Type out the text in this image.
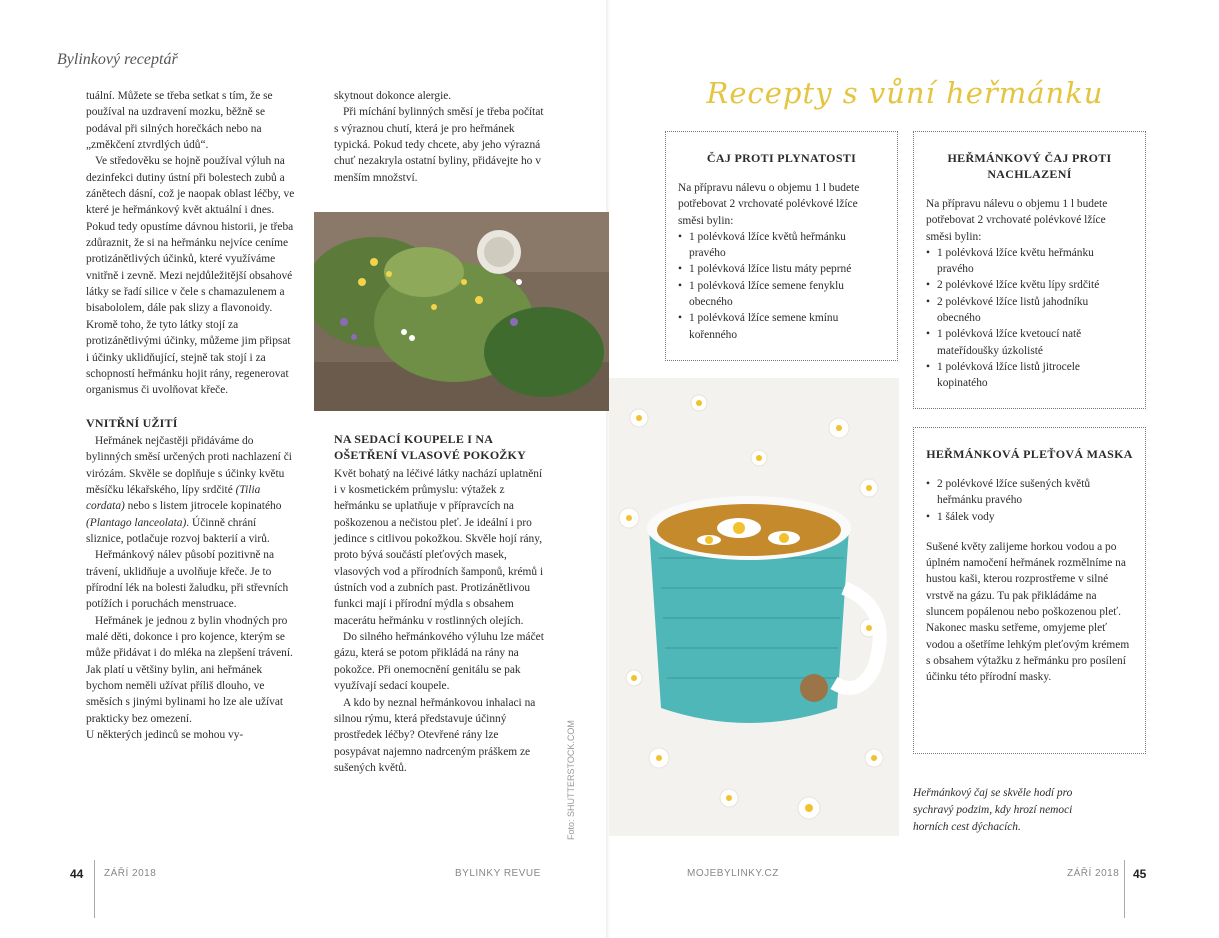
Bylinkový receptář

tuální. Můžete se třeba setkat s tím, že se používal na uzdravení mozku, běžně se podával při silných horečkách nebo na „změkčení ztvrdlých údů“.

Ve středověku se hojně používal výluh na dezinfekci dutiny ústní při bolestech zubů a zánětech dásní, což je naopak oblast léčby, ve které je heřmánkový květ aktuální i dnes. Pokud tedy opustíme dávnou historii, je třeba zdůraznit, že si na heřmánku nejvíce ceníme protizánětlivých účinků, které využíváme vnitřně i zevně. Mezi nejdůležitější obsahové látky se řadí silice v čele s chamazulenem a bisabololem, dále pak slizy a flavonoidy. Kromě toho, že tyto látky stojí za protizánětlivými účinky, můžeme jim připsat i účinky uklidňující, stejně tak stojí i za schopností heřmánku hojit rány, regenerovat organismus či uvolňovat křeče.

VNITŘNÍ UŽITÍ

Heřmánek nejčastěji přidáváme do bylinných směsí určených proti nachlazení či virózám. Skvěle se doplňuje s účinky květu měsíčku lékařského, lípy srdčité (Tilia cordata) nebo s listem jitrocele kopinatého (Plantago lanceolata). Účinně chrání sliznice, potlačuje rozvoj bakterií a virů.

Heřmánkový nálev působí pozitivně na trávení, uklidňuje a uvolňuje křeče. Je to přírodní lék na bolesti žaludku, při střevních potížích i poruchách menstruace.

Heřmánek je jednou z bylin vhodných pro malé děti, dokonce i pro kojence, kterým se může přidávat i do mléka na zlepšení trávení. Jak platí u většiny bylin, ani heřmánek bychom neměli užívat příliš dlouho, ve směsích s jinými bylinami ho lze ale užívat prakticky bez omezení.

U některých jedinců se mohou vy-

skytnout dokonce alergie.

Při míchání bylinných směsí je třeba počítat s výraznou chutí, která je pro heřmánek typická. Pokud tedy chcete, aby jeho výrazná chuť nezakryla ostatní byliny, přidávejte ho v menším množství.

NA SEDACÍ KOUPELE I NA OŠETŘENÍ VLASOVÉ POKOŽKY

Květ bohatý na léčivé látky nachází uplatnění i v kosmetickém průmyslu: výtažek z heřmánku se uplatňuje v přípravcích na poškozenou a nečistou pleť. Je ideální i pro jedince s citlivou pokožkou. Skvěle hojí rány, proto bývá součástí pleťových masek, vlasových vod a přírodních šamponů, krémů i ústních vod a zubních past. Protizánětlivou funkci mají i přírodní mýdla s obsahem macerátu heřmánku v rostlinných olejích.

Do silného heřmánkového výluhu lze máčet gázu, která se potom přikládá na rány na pokožce. Při onemocnění genitálu se pak využívají sedací koupele.

A kdo by neznal heřmánkovou inhalaci na silnou rýmu, která představuje účinný prostředek léčby? Otevřené rány lze posypávat najemno nadrceným práškem ze sušených květů.	Foto: SHUTTERSTOCK.COM
Recepty s vůní heřmánku
ČAJ PROTI PLYNATOSTI

Na přípravu nálevu o objemu 1 l budete potřebovat 2 vrchovaté polévkové lžíce směsi bylin:

• 1 polévková lžíce květů heřmánku pravého
• 1 polévková lžíce listu máty peprné
• 1 polévková lžíce semene fenyklu obecného
• 1 polévková lžíce semene kmínu kořenného
HEŘMÁNKOVÝ ČAJ PROTI NACHLAZENÍ

Na přípravu nálevu o objemu 1 l budete potřebovat 2 vrchovaté polévkové lžíce směsi bylin:

• 1 polévková lžíce květu heřmánku pravého
• 2 polévkové lžíce květu lípy srdčité
• 2 polévkové lžíce listů jahodníku obecného
• 1 polévková lžíce kvetoucí natě mateřídoušky úzkolisté
• 1 polévková lžíce listů jitrocele kopinatého
HEŘMÁNKOVÁ PLEŤOVÁ MASKA
• 2 polévkové lžíce sušených květů heřmánku pravého
• 1 šálek vody

Sušené květy zalijeme horkou vodou a po úplném namočení heřmánek rozmělníme na hustou kaši, kterou rozprostřeme v silné vrstvě na gázu. Tu pak přikládáme na sluncem popálenou nebo poškozenou pleť. Nakonec masku setřeme, omyjeme pleť vodou a ošetříme lehkým pleťovým krémem s obsahem výtažku z heřmánku pro posílení účinku této přírodní masky.

Heřmánkový čaj se skvěle hodí pro sychravý podzim, kdy hrozí nemoci horních cest dýchacích.
44 ZÁŘÍ 2018	BYLINKY REVUE	MOJEBYLINKY.CZ	ZÁŘÍ 2018 45
